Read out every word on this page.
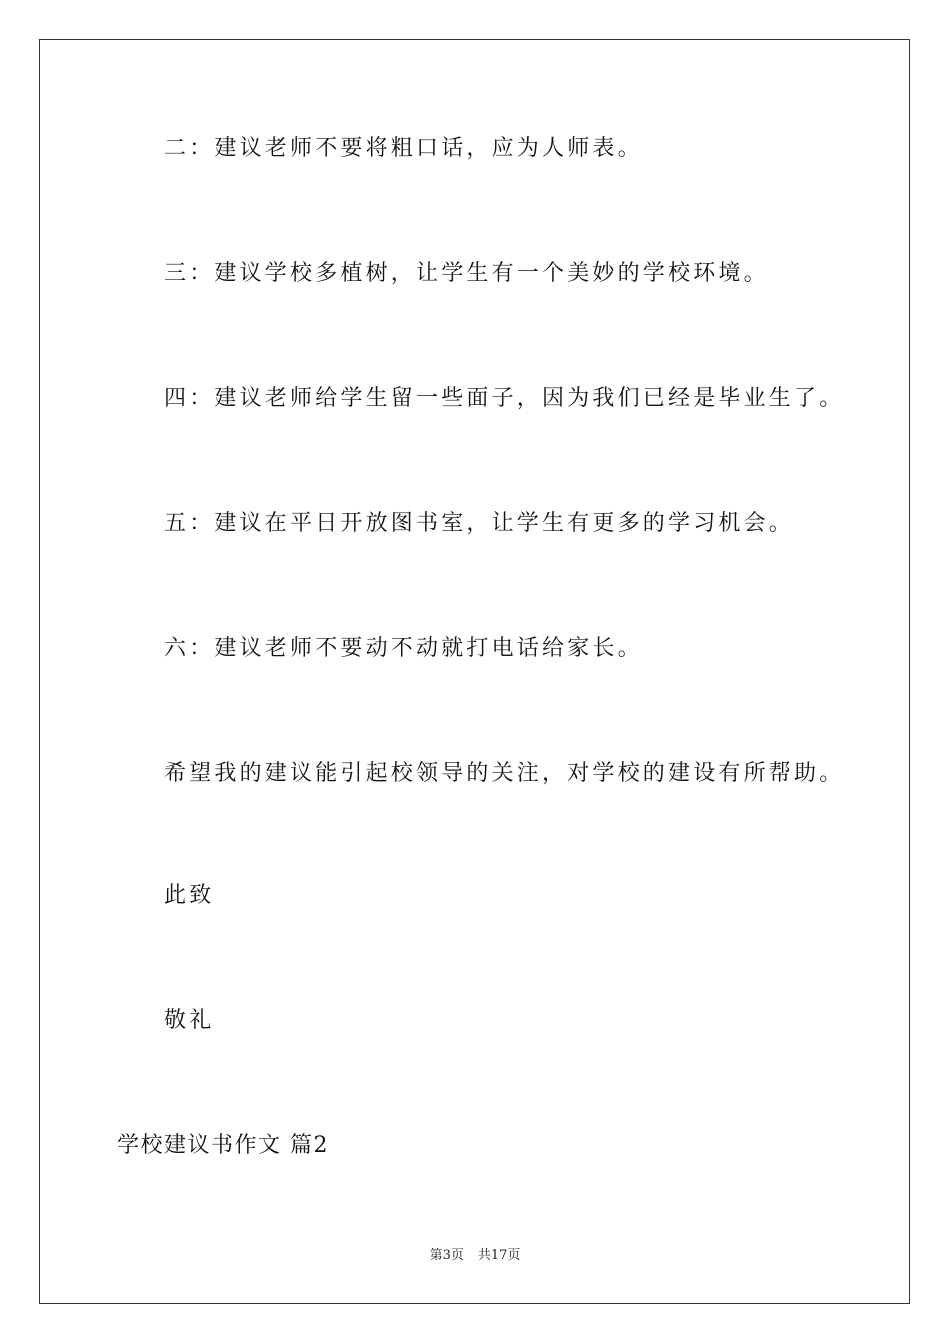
二：建议老师不要将粗口话，应为人师表。

三：建议学校多植树，让学生有一个美妙的学校环境。

四：建议老师给学生留一些面子，因为我们已经是毕业生了。

五：建议在平日开放图书室，让学生有更多的学习机会。

六：建议老师不要动不动就打电话给家长。

希望我的建议能引起校领导的关注，对学校的建设有所帮助。

此致

敬礼

学校建议书作文 篇2

第3页 共17页
